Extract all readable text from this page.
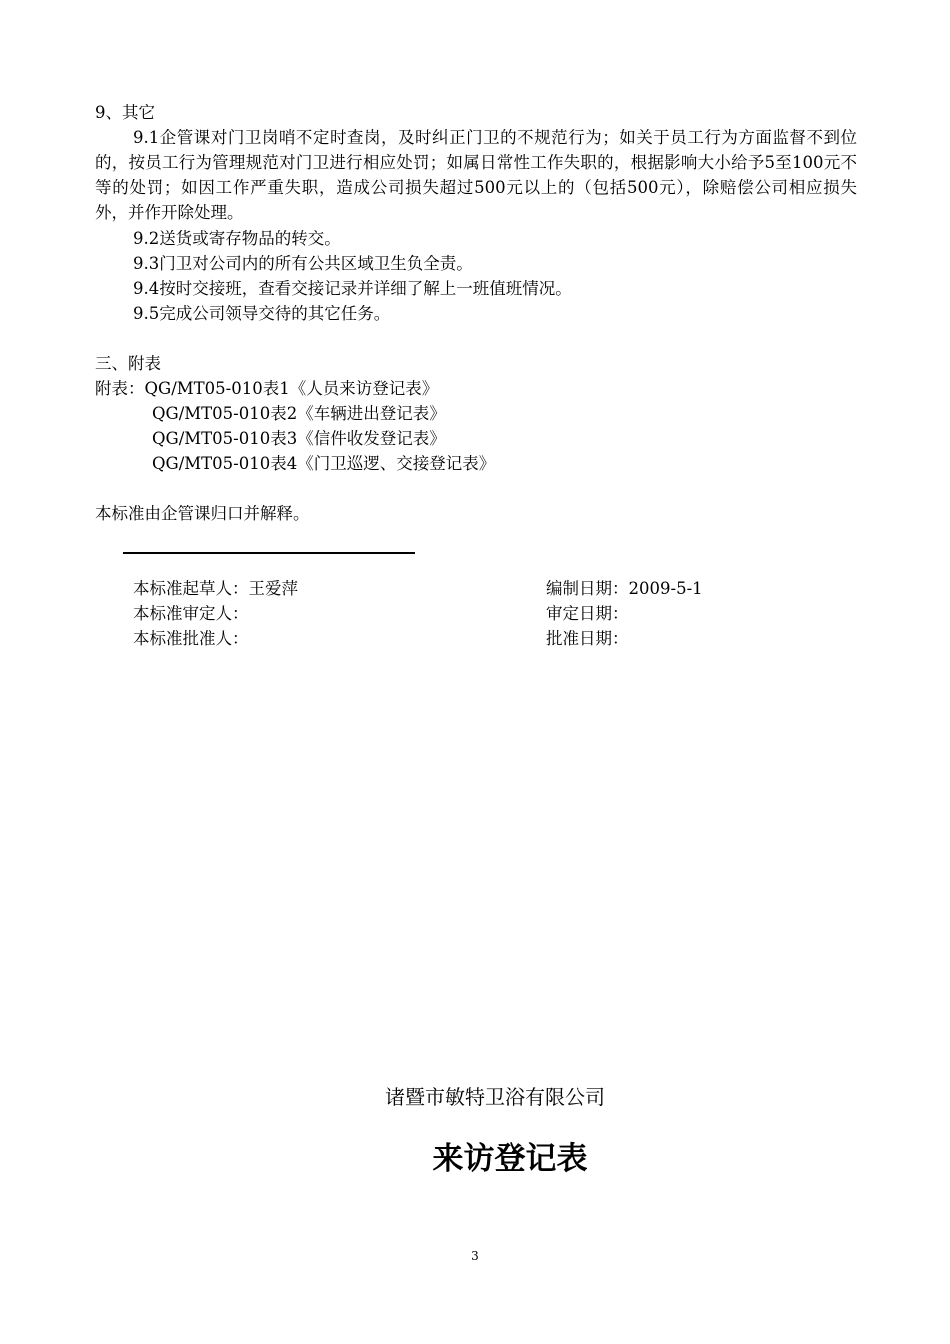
9、其它
9.1企管课对门卫岗哨不定时查岗，及时纠正门卫的不规范行为；如关于员工行为方面监督不到位的，按员工行为管理规范对门卫进行相应处罚；如属日常性工作失职的，根据影响大小给予5至100元不等的处罚；如因工作严重失职，造成公司损失超过500元以上的（包括500元），除赔偿公司相应损失外，并作开除处理。
9.2送货或寄存物品的转交。
9.3门卫对公司内的所有公共区域卫生负全责。
9.4按时交接班，查看交接记录并详细了解上一班值班情况。
9.5完成公司领导交待的其它任务。
三、附表
附表：QG/MT05-010表1《人员来访登记表》
QG/MT05-010表2《车辆进出登记表》
QG/MT05-010表3《信件收发登记表》
QG/MT05-010表4《门卫巡逻、交接登记表》
本标准由企管课归口并解释。
本标准起草人：王爱萍
本标准审定人：
本标准批准人：
编制日期：2009-5-1
审定日期：
批准日期：
诸暨市敏特卫浴有限公司
来访登记表
3
